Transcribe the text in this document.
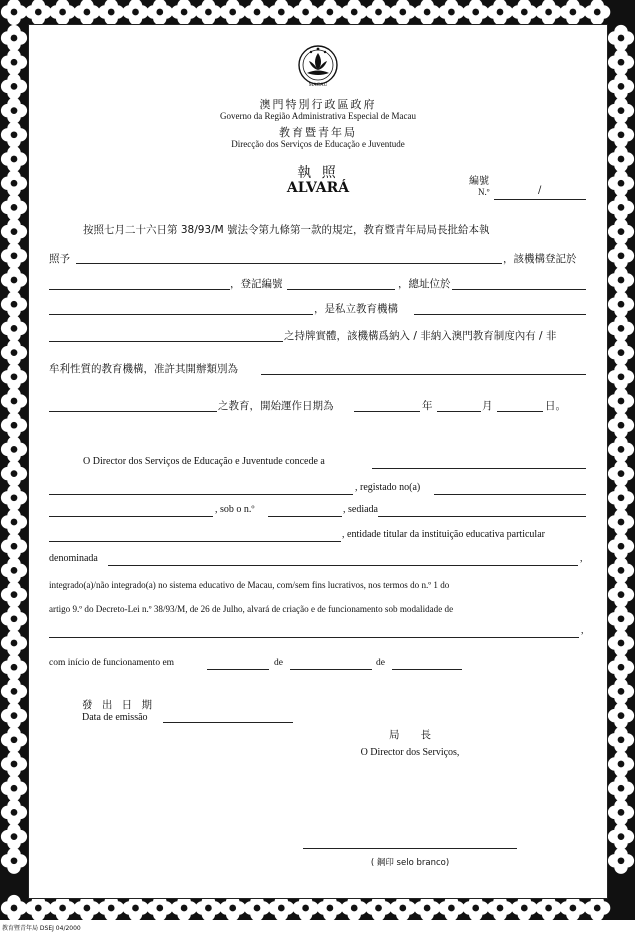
MACAU
澳門特別行政區政府
Governo da Região Administrativa Especial de Macau
教育暨青年局
Direcção dos Serviços de Educação e Juventude
執 照
ALVARÁ	編號
N.º	/
按照七月二十六日第 38/93/M 號法令第九條第一款的規定，教育暨青年局局長批給本執
照予	，該機構登記於
，登記編號	，總址位於
，是私立教育機構
之持牌實體，該機構爲納入 / 非納入澳門教育制度內有 / 非
牟利性質的教育機構，准許其開辦類別為
之教育，開始運作日期為	年	月	日。
O Director dos Serviços de Educação e Juventude concede a
, registado no(a)
, sob o n.º	, sediada
, entidade titular da instituição educativa particular
denominada	,
integrado(a)/não integrado(a) no sistema educativo de Macau, com/sem fins lucrativos, nos termos do n.º 1 do
artigo 9.º do Decreto-Lei n.º 38/93/M, de 26 de Julho, alvará de criação e de funcionamento sob modalidade de
,
com início de funcionamento em	de	de
發 出 日 期
Data de emissão
局　　長
O Director dos Serviços,
( 鋼印 selo branco)
教育暨青年局 DSEJ 04/2000
